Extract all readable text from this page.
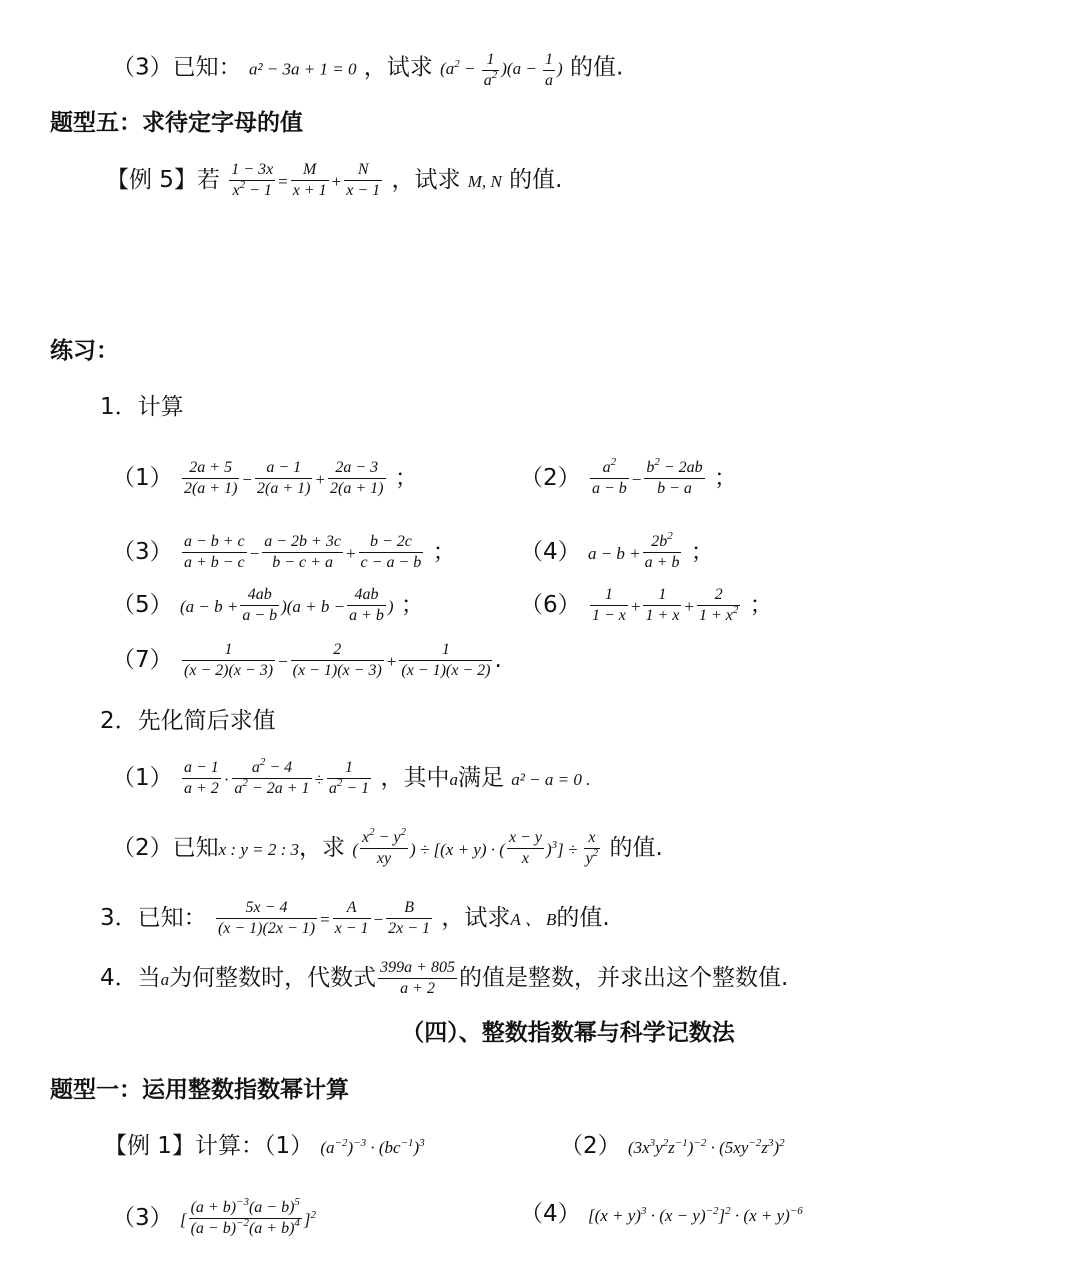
（3）已知： a² − 3a + 1 = 0 ，试求 $(a^2 - \frac{1}{a^2} )(a - \frac{1}{a}$ ) 的值.
题型五：求待定字母的值
【例 5】若 $\frac{1 - 3x}{x^2 - 1} = \frac{M}{x + 1} + \frac{N}{x - 1}$ ，试求 M, N 的值.
练习：
1．计算
$(1) \frac{2a + 5}{2(a + 1)} - \frac{a - 1}{2(a + 1)} + \frac{2a - 3}{2(a + 1)}$ ；	$(2) \frac{a^2}{a - b} - \frac{b^2 - 2ab}{b - a}$ ；
$(3) \frac{a - b + c}{a + b - c} - \frac{a - 2b + 3c}{b - c + a} + \frac{b - 2c}{c - a - b}$ ；	（4） $a - b + \frac{2b^2}{a + b}$ ；
（5） $(a - b + \frac{4ab}{a - b} )(a + b - \frac{4ab}{a + b}$ ) ；	$(6) \frac{1}{1 - x} + \frac{1}{1 + x} + \frac{2}{1 + x^2}$ ；
$(7) \frac{1}{(x - 2)(x - 3)} - \frac{2}{(x - 1)(x - 3)} + \frac{1}{(x - 1)(x - 2)}$ .
2．先化简后求值
$(1) \frac{a - 1}{a + 2} \cdot \frac{a^2 - 4}{a^2 - 2a + 1} \div \frac{1}{a^2 - 1}$ ，其中a满足 a² − a = 0 .
（2）已知x : y = 2 : 3，求 ( $\frac{x^2 - y^2}{xy}$ ) ÷ [(x + y) · ( $\frac{x - y}{x} )^3] \div \frac{x}{y^2}$ 的值.
3．已知： $\frac{5x - 4}{(x - 1)(2x - 1)} = \frac{A}{x - 1} - \frac{B}{2x - 1}$ ，试求A 、 B的值.
4．当a为何整数时，代数式 $\frac{399a + 805}{a + 2}$ 的值是整数，并求出这个整数值.
（四）、整数指数幂与科学记数法
题型一：运用整数指数幂计算
【例 1】计算：（1） $(a^{-2})^{-3} \cdot (bc^{-1})^3$	（2） $(3x^3y^2z^{-1})^{-2} \cdot (5xy^{-2}z^3)^2$
（3） [ $\frac{(a + b)^{-3}(a - b)^5}{(a - b)^{-2}(a + b)^4} ]^2$	（4） $[(x + y)^3 \cdot (x - y)^{-2}]^2 \cdot (x + y)^{-6}$
